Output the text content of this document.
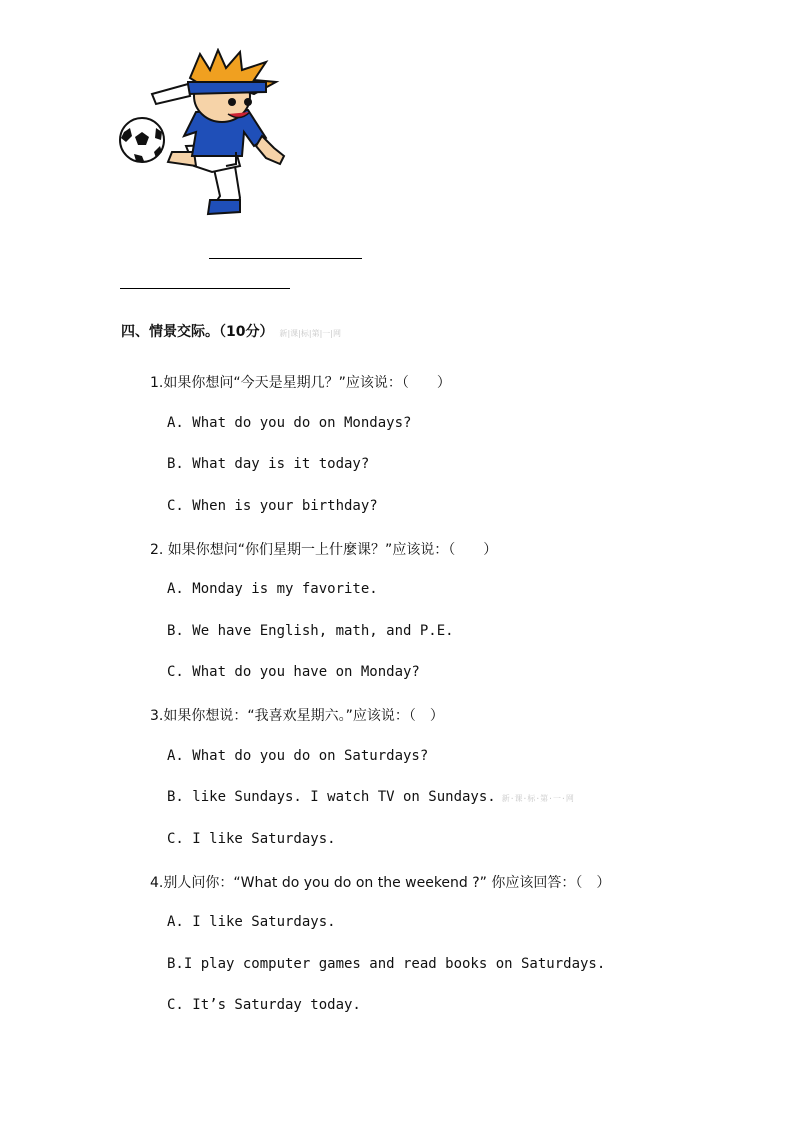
四、情景交际。（10分） 新|课|标|第|一|网
1.如果你想问“今天是星期几？”应该说：（　　）
A. What do you do on Mondays?
B. What day is it today?
C. When is your birthday?
2. 如果你想问“你们星期一上什麼课？”应该说：（　　）
A. Monday is my favorite.
B. We have English, math, and P.E.
C. What do you have on Monday?
3.如果你想说：“我喜欢星期六。”应该说：（　）
A. What do you do on Saturdays?
B. like Sundays. I watch TV on Sundays. 新·课·标·第·一·网
C. I like Saturdays.
4.别人问你：“What do you do on the weekend ?” 你应该回答：（　）
A. I like Saturdays.
B.I play computer games and read books on Saturdays.
C. It’s Saturday today.
